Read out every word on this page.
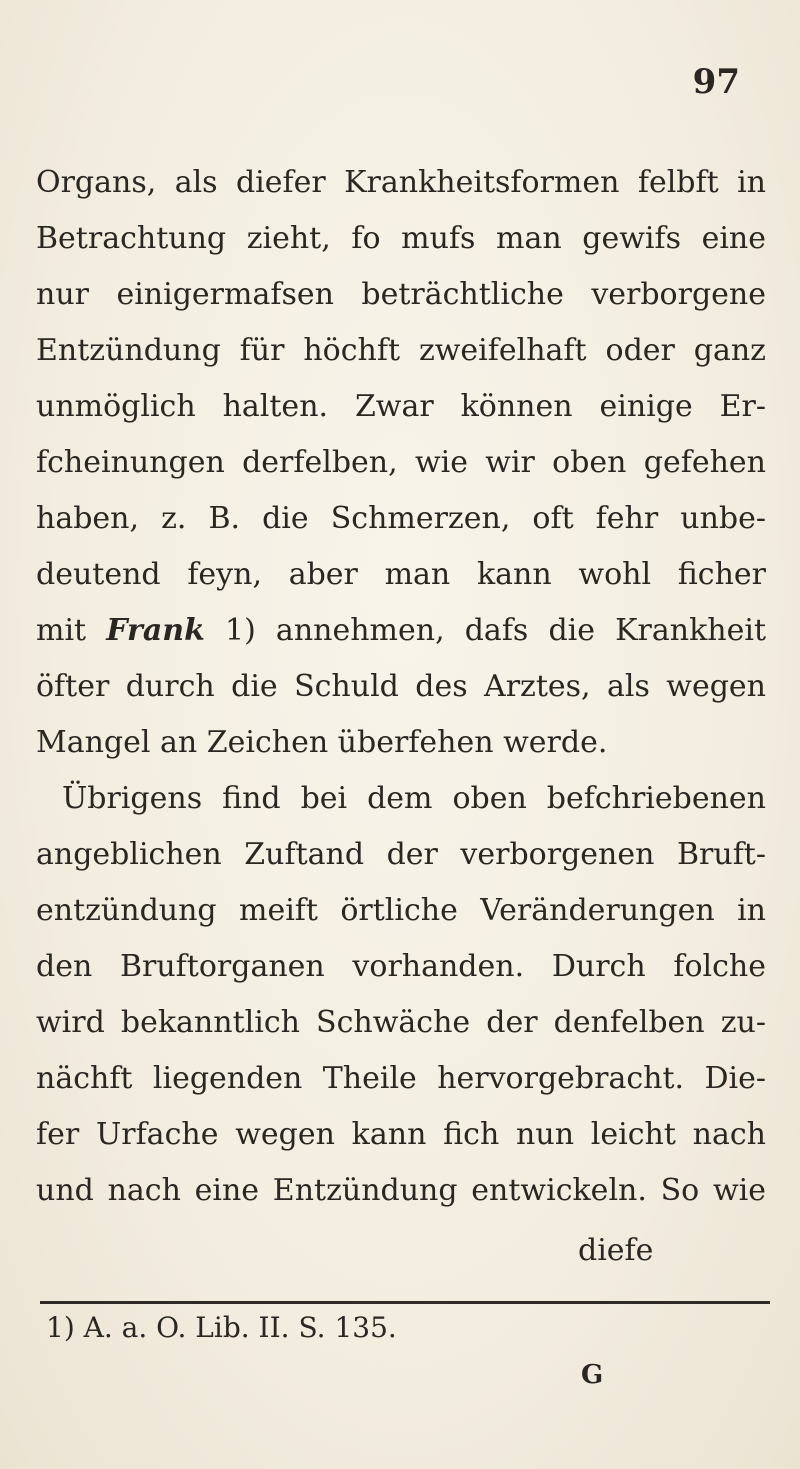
97
Organs, als diefer Krankheitsformen felbft in
Betrachtung zieht, fo mufs man gewifs eine
nur einigermafsen beträchtliche verborgene
Entzündung für höchft zweifelhaft oder ganz
unmöglich halten. Zwar können einige Er-
fcheinungen derfelben, wie wir oben gefehen
haben, z. B. die Schmerzen, oft fehr unbe-
deutend feyn, aber man kann wohl ficher
mit Frank 1) annehmen, dafs die Krankheit
öfter durch die Schuld des Arztes, als wegen
Mangel an Zeichen überfehen werde.
Übrigens find bei dem oben befchriebenen
angeblichen Zuftand der verborgenen Bruft-
entzündung meift örtliche Veränderungen in
den Bruftorganen vorhanden. Durch folche
wird bekanntlich Schwäche der denfelben zu-
nächft liegenden Theile hervorgebracht. Die-
fer Urfache wegen kann fich nun leicht nach
und nach eine Entzündung entwickeln. So wie
diefe
1) A. a. O. Lib. II. S. 135.
G
